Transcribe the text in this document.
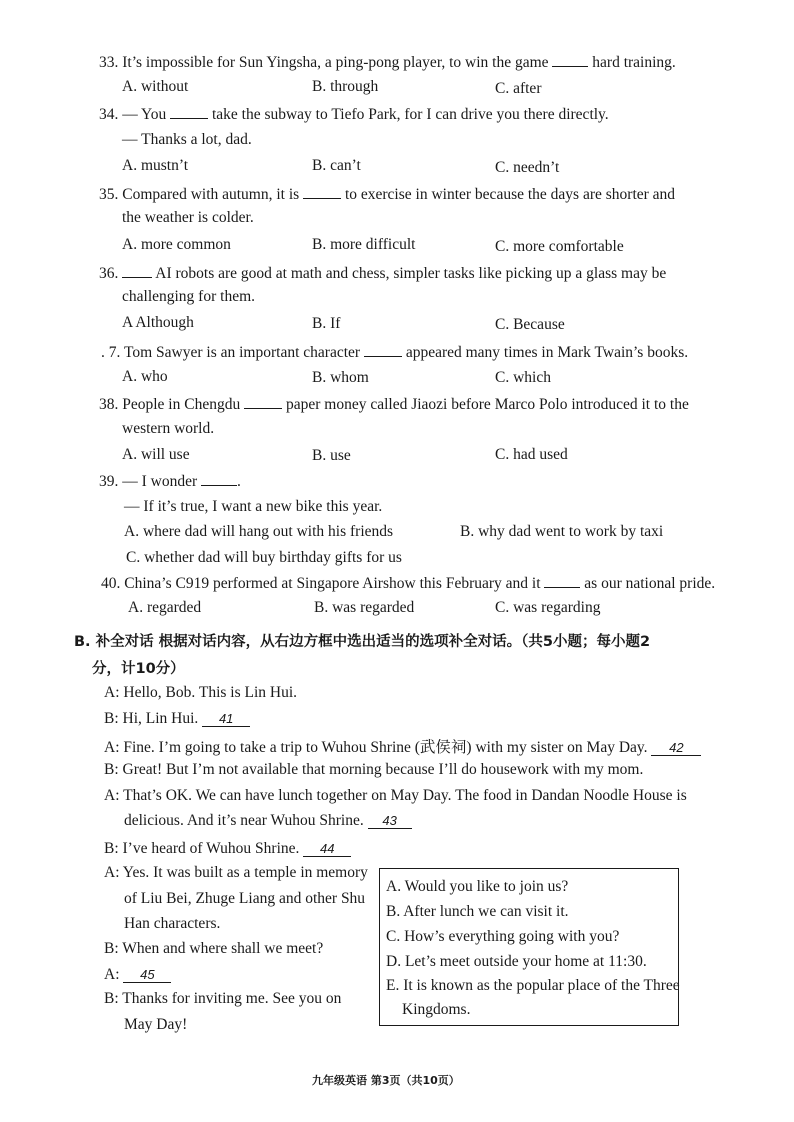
33. It’s impossible for Sun Yingsha, a ping-pong player, to win the game	hard training.
A. without	B. through	C. after
34. — You	take the subway to Tiefo Park, for I can drive you there directly.
— Thanks a lot, dad.
A. mustn’t	B. can’t	C. needn’t
35. Compared with autumn, it is	to exercise in winter because the days are shorter and
the weather is colder.
A. more common	B. more difficult	C. more comfortable
36. AI robots are good at math and chess, simpler tasks like picking up a glass may be
challenging for them.
A Although	B. If	C. Because
. 7. Tom Sawyer is an important character	appeared many times in Mark Twain’s books.
A. who	B. whom	C. which
38. People in Chengdu	paper money called Jiaozi before Marco Polo introduced it to the
western world.
A. will use	B. use	C. had used
39. — I wonder	.
— If it’s true, I want a new bike this year.
A. where dad will hang out with his friends	B. why dad went to work by taxi
C. whether dad will buy birthday gifts for us
40. China’s C919 performed at Singapore Airshow this February and it	as our national pride.
A. regarded	B. was regarded	C. was regarding
B. 补全对话 根据对话内容，从右边方框中选出适当的选项补全对话。（共5小题；每小题2
分，计10分）
A: Hello, Bob. This is Lin Hui.
B: Hi, Lin Hui. 41
A: Fine. I’m going to take a trip to Wuhou Shrine (武侯祠) with my sister on May Day. 42
B: Great! But I’m not available that morning because I’ll do housework with my mom.
A: That’s OK. We can have lunch together on May Day. The food in Dandan Noodle House is
delicious. And it’s near Wuhou Shrine. 43
B: I’ve heard of Wuhou Shrine. 44
A: Yes. It was built as a temple in memory
of Liu Bei, Zhuge Liang and other Shu
Han characters.
B: When and where shall we meet?
A: 45
B: Thanks for inviting me. See you on
May Day!
A. Would you like to join us?
B. After lunch we can visit it.
C. How’s everything going with you?
D. Let’s meet outside your home at 11:30.
E. It is known as the popular place of the Three
Kingdoms.
九年级英语 第3页（共10页）
